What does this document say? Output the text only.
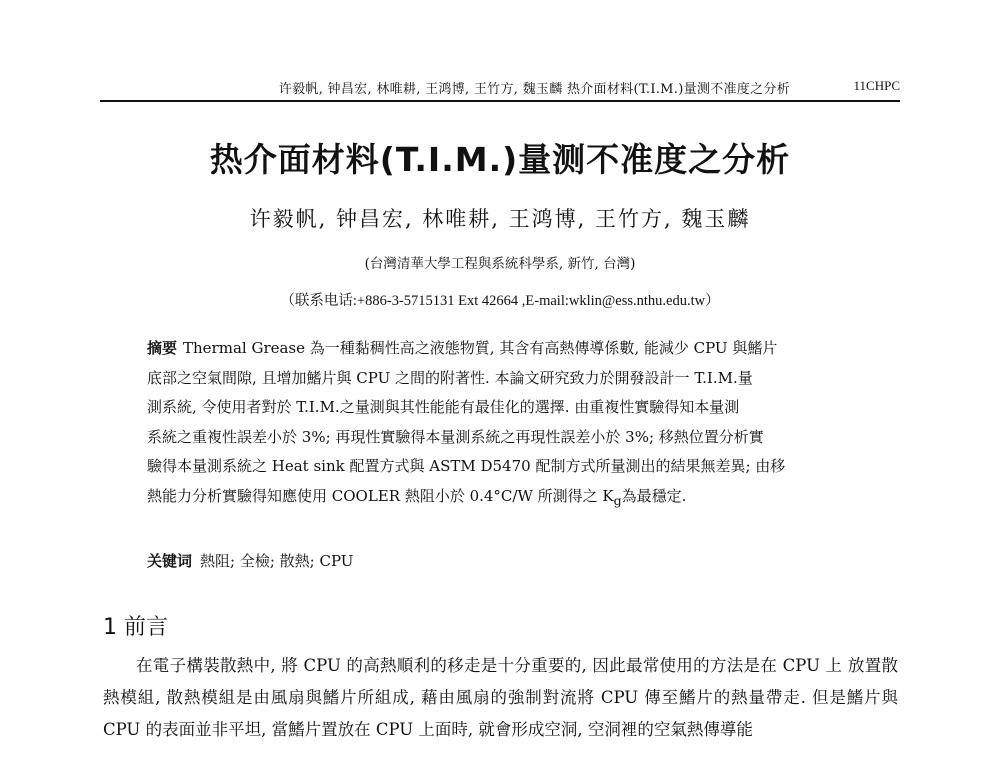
许毅帆, 钟昌宏, 林唯耕, 王鸿博, 王竹方, 魏玉麟 热介面材料(T.I.M.)量测不准度之分析	11CHPC
热介面材料(T.I.M.)量测不准度之分析
许毅帆, 钟昌宏, 林唯耕, 王鸿博, 王竹方, 魏玉麟
(台灣清華大學工程與系統科學系, 新竹, 台灣)
（联系电话:+886-3-5715131 Ext 42664 ,E-mail:wklin@ess.nthu.edu.tw）
摘要 Thermal Grease 為一種黏稠性高之液態物質, 其含有高熱傳導係數, 能減少 CPU 與鰭片
底部之空氣間隙, 且增加鰭片與 CPU 之間的附著性. 本論文研究致力於開發設計一 T.I.M.量
測系統, 令使用者對於 T.I.M.之量測與其性能能有最佳化的選擇. 由重複性實驗得知本量測
系統之重複性誤差小於 3%; 再現性實驗得本量測系統之再現性誤差小於 3%; 移熱位置分析實
驗得本量測系統之 Heat sink 配置方式與 ASTM D5470 配制方式所量測出的結果無差異; 由移
熱能力分析實驗得知應使用 COOLER 熱阻小於 0.4°C/W 所測得之 $K_g$為最穩定.
关键词 熱阻; 全檢; 散熱; CPU
1 前言
在電子構裝散熱中, 將 CPU 的高熱順利的移走是十分重要的, 因此最常使用的方法是在 CPU 上 放置散熱模組, 散熱模組是由風扇與鰭片所組成, 藉由風扇的強制對流將 CPU 傳至鰭片的熱量帶走. 但是鰭片與 CPU 的表面並非平坦, 當鰭片置放在 CPU 上面時, 就會形成空洞, 空洞裡的空氣熱傳導能
